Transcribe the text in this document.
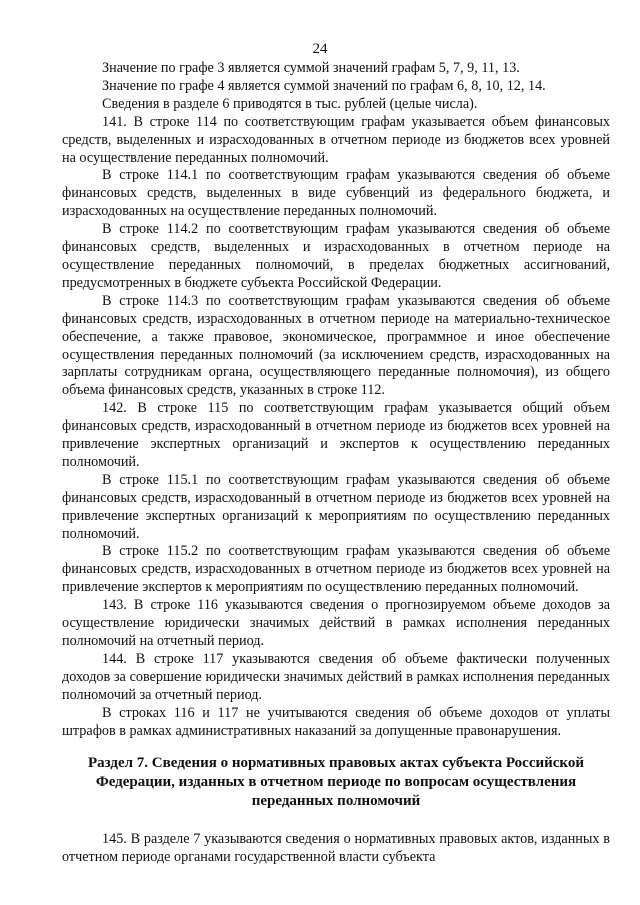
24

Значение по графе 3 является суммой значений графам 5, 7, 9, 11, 13.

Значение по графе 4 является суммой значений по графам 6, 8, 10, 12, 14.

Сведения в разделе 6 приводятся в тыс. рублей (целые числа).

141. В строке 114 по соответствующим графам указывается объем финансовых средств, выделенных и израсходованных в отчетном периоде из бюджетов всех уровней на осуществление переданных полномочий.

В строке 114.1 по соответствующим графам указываются сведения об объеме финансовых средств, выделенных в виде субвенций из федерального бюджета, и израсходованных на осуществление переданных полномочий.

В строке 114.2 по соответствующим графам указываются сведения об объеме финансовых средств, выделенных и израсходованных в отчетном периоде на осуществление переданных полномочий, в пределах бюджетных ассигнований, предусмотренных в бюджете субъекта Российской Федерации.

В строке 114.3 по соответствующим графам указываются сведения об объеме финансовых средств, израсходованных в отчетном периоде на материально-техническое обеспечение, а также правовое, экономическое, программное и иное обеспечение осуществления переданных полномочий (за исключением средств, израсходованных на зарплаты сотрудникам органа, осуществляющего переданные полномочия), из общего объема финансовых средств, указанных в строке 112.

142. В строке 115 по соответствующим графам указывается общий объем финансовых средств, израсходованный в отчетном периоде из бюджетов всех уровней на привлечение экспертных организаций и экспертов к осуществлению переданных полномочий.

В строке 115.1 по соответствующим графам указываются сведения об объеме финансовых средств, израсходованный в отчетном периоде из бюджетов всех уровней на привлечение экспертных организаций к мероприятиям по осуществлению переданных полномочий.

В строке 115.2 по соответствующим графам указываются сведения об объеме финансовых средств, израсходованных в отчетном периоде из бюджетов всех уровней на привлечение экспертов к мероприятиям по осуществлению переданных полномочий.

143. В строке 116 указываются сведения о прогнозируемом объеме доходов за осуществление юридически значимых действий в рамках исполнения переданных полномочий на отчетный период.

144. В строке 117 указываются сведения об объеме фактически полученных доходов за совершение юридически значимых действий в рамках исполнения переданных полномочий за отчетный период.

В строках 116 и 117 не учитываются сведения об объеме доходов от уплаты штрафов в рамках административных наказаний за допущенные правонарушения.

Раздел 7. Сведения о нормативных правовых актах субъекта Российской
Федерации, изданных в отчетном периоде по вопросам осуществления
переданных полномочий

145. В разделе 7 указываются сведения о нормативных правовых актов, изданных в отчетном периоде органами государственной власти субъекта
